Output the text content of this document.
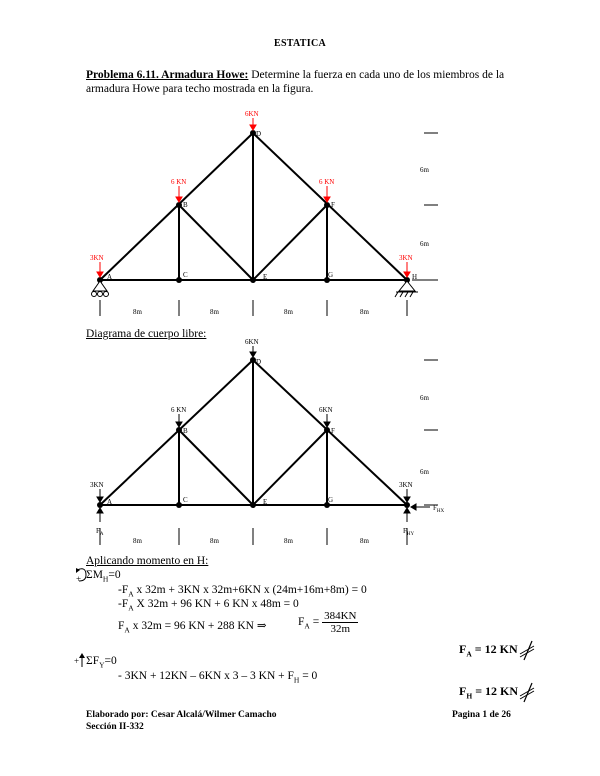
ESTATICA
Problema 6.11. Armadura Howe: Determine la fuerza en cada uno de los miembros de la armadura Howe para techo mostrada en la figura.
A
B
C
D
E
F
G	H
3KN
6 KN
6KN
6 KN
3KN
8m	8m	8m	8m
6m
6m
Diagrama de cuerpo libre:
A
B
C
D
E
F
G
3KN
6 KN
6KN
6KN
3KN
$F_A$	$F_{HY}$
$F_{HX}$
8m	8m	8m	8m
6m
6m
Aplicando momento en H:
+ $\Sigma M_H=0$
$-F_A$ x 32m + 3KN x 32m+6KN x (24m+16m+8m) = 0
$-F_A$ X 32m + 96 KN + 6 KN x 48m = 0
$F_A$ x 32m = 96 KN + 288 KN ⇒	$F_A = \frac{384KN}{32m}$
$F_A = 12$ KN
+ $\Sigma F_Y=0$
- 3KN + 12KN – 6KN x 3 – 3 KN + $F_H = 0$
$F_H = 12$ KN
Elaborado por: Cesar Alcalá/Wilmer Camacho
Sección II-332
Pagina 1 de 26
